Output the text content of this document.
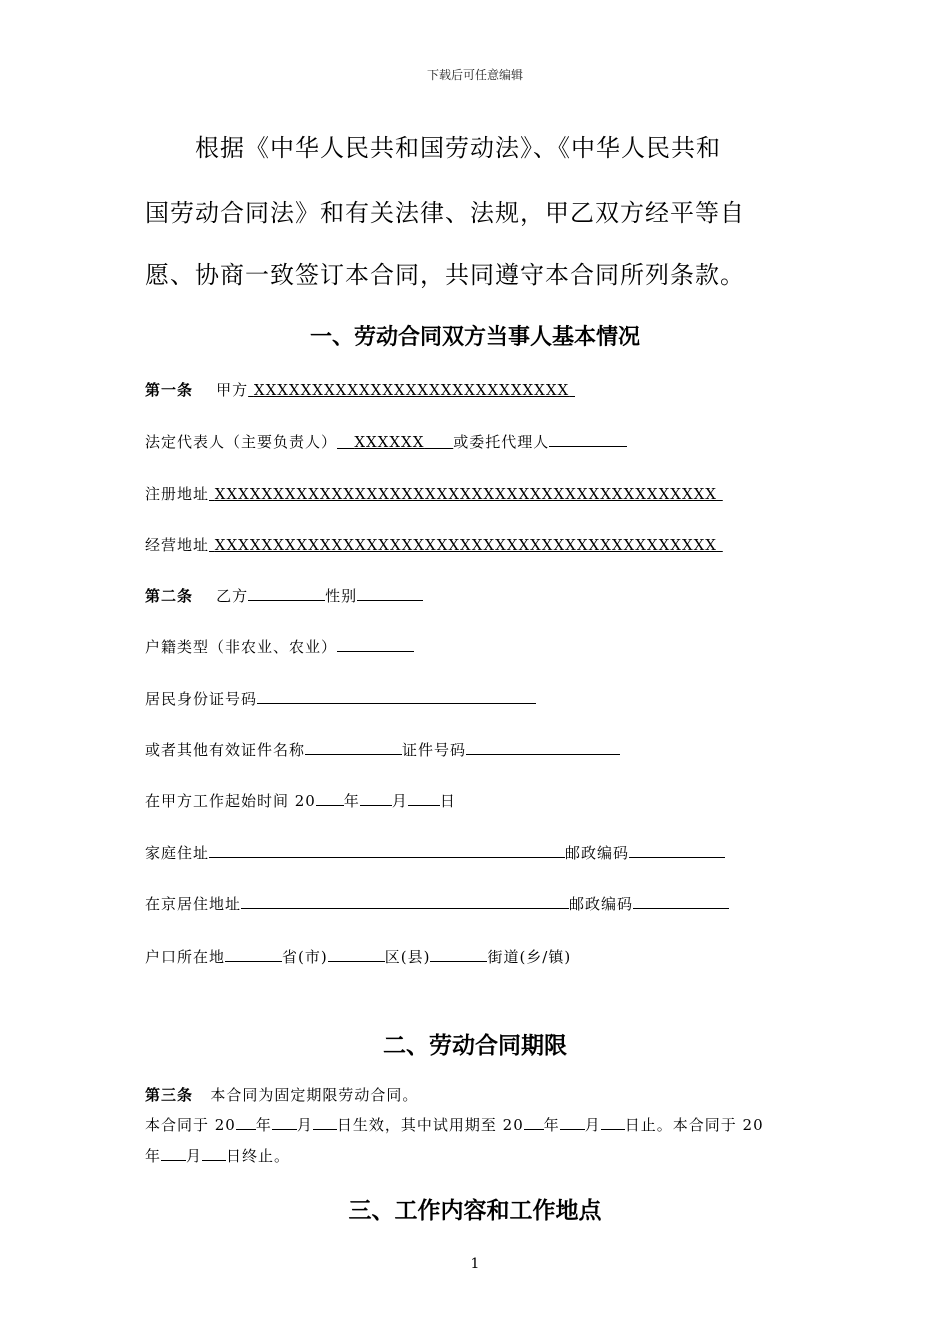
下载后可任意编辑
根据《中华人民共和国劳动法》、《中华人民共和
国劳动合同法》和有关法律、法规，甲乙双方经平等自
愿、协商一致签订本合同，共同遵守本合同所列条款。
一、劳动合同双方当事人基本情况
第一条 甲方 XXXXXXXXXXXXXXXXXXXXXXXXXXX
法定代表人（主要负责人） XXXXXX 或委托代理人
注册地址 XXXXXXXXXXXXXXXXXXXXXXXXXXXXXXXXXXXXXXXXXXX
经营地址 XXXXXXXXXXXXXXXXXXXXXXXXXXXXXXXXXXXXXXXXXXX
第二条 乙方	性别
户籍类型（非农业、农业）
居民身份证号码
或者其他有效证件名称	证件号码
在甲方工作起始时间 20 年 月 日
家庭住址	邮政编码
在京居住地址	邮政编码
户口所在地	省(市)	区(县)	街道(乡/镇)
二、劳动合同期限
第三条 本合同为固定期限劳动合同。
本合同于 20 年 月 日生效，其中试用期至 20 年 月 日止。本合同于 20
年 月 日终止。
三、工作内容和工作地点
1
